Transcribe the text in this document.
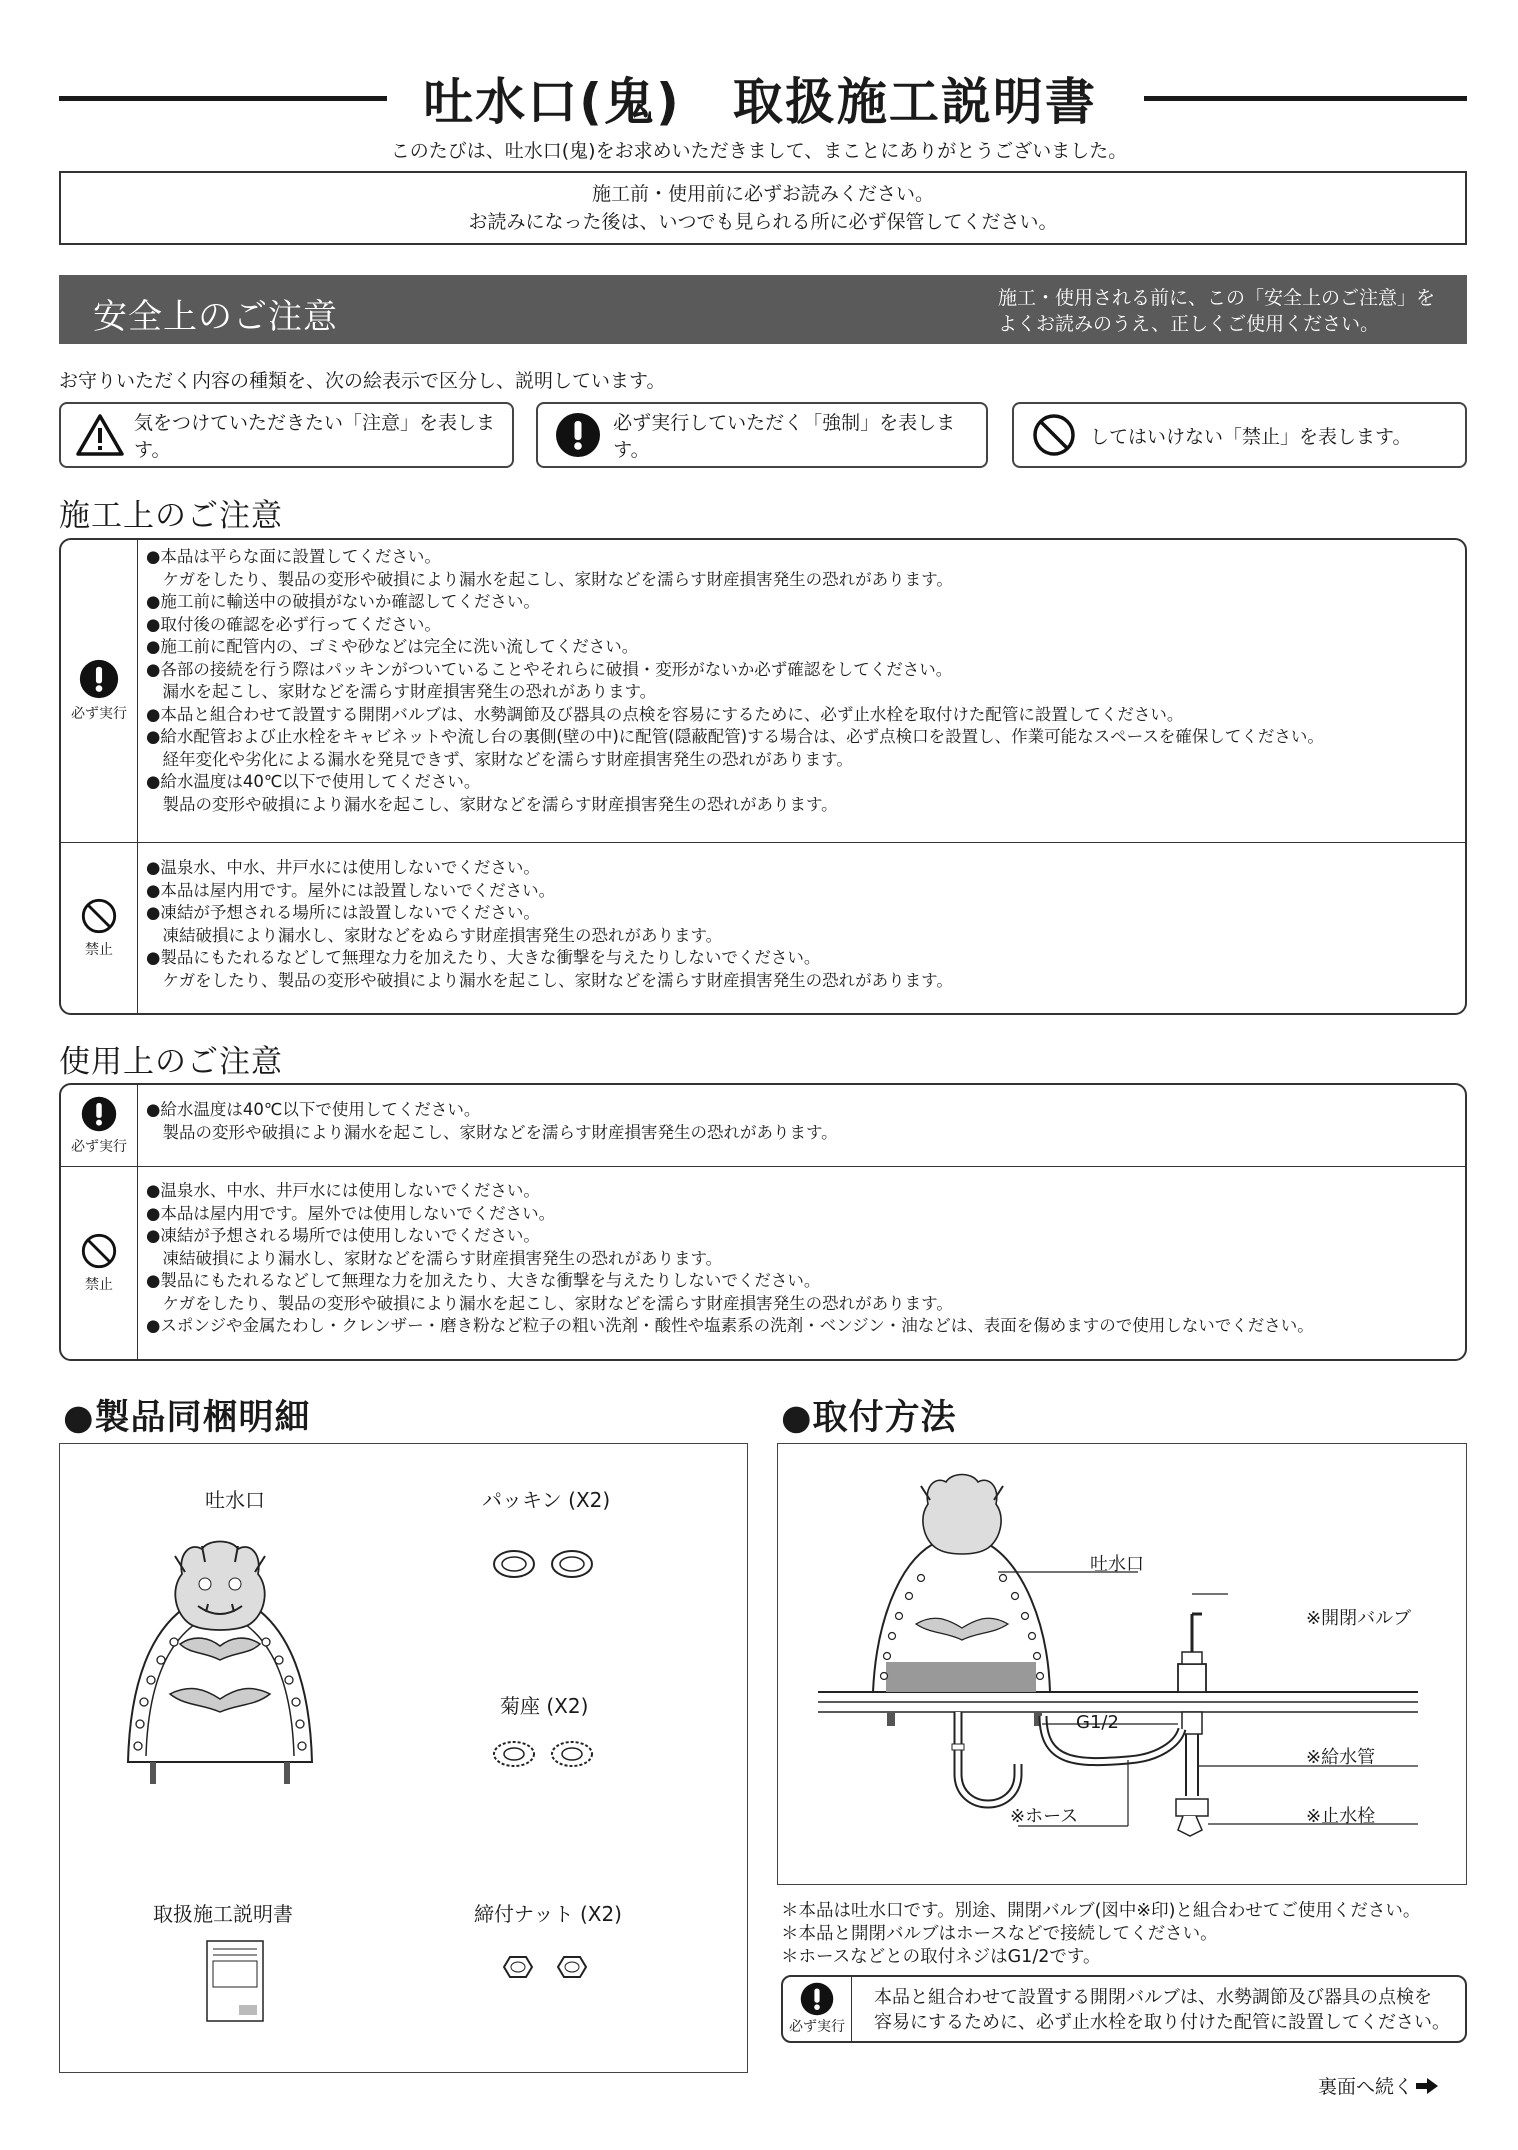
吐水口(鬼)　取扱施工説明書
このたびは、吐水口(鬼)をお求めいただきまして、まことにありがとうございました。
施工前・使用前に必ずお読みください。
お読みになった後は、いつでも見られる所に必ず保管してください。
安全上のご注意	施工・使用される前に、この「安全上のご注意」を
よくお読みのうえ、正しくご使用ください。
お守りいただく内容の種類を、次の絵表示で区分し、説明しています。
気をつけていただきたい「注意」を表します。
必ず実行していただく「強制」を表します。
してはいけない「禁止」を表します。
施工上のご注意
必ず実行
●本品は平らな面に設置してください。
　ケガをしたり、製品の変形や破損により漏水を起こし、家財などを濡らす財産損害発生の恐れがあります。
●施工前に輸送中の破損がないか確認してください。
●取付後の確認を必ず行ってください。
●施工前に配管内の、ゴミや砂などは完全に洗い流してください。
●各部の接続を行う際はパッキンがついていることやそれらに破損・変形がないか必ず確認をしてください。
　漏水を起こし、家財などを濡らす財産損害発生の恐れがあります。
●本品と組合わせて設置する開閉バルブは、水勢調節及び器具の点検を容易にするために、必ず止水栓を取付けた配管に設置してください。
●給水配管および止水栓をキャビネットや流し台の裏側(壁の中)に配管(隠蔽配管)する場合は、必ず点検口を設置し、作業可能なスペースを確保してください。
　経年変化や劣化による漏水を発見できず、家財などを濡らす財産損害発生の恐れがあります。
●給水温度は40℃以下で使用してください。
　製品の変形や破損により漏水を起こし、家財などを濡らす財産損害発生の恐れがあります。
禁止
●温泉水、中水、井戸水には使用しないでください。
●本品は屋内用です。屋外には設置しないでください。
●凍結が予想される場所には設置しないでください。
　凍結破損により漏水し、家財などをぬらす財産損害発生の恐れがあります。
●製品にもたれるなどして無理な力を加えたり、大きな衝撃を与えたりしないでください。
　ケガをしたり、製品の変形や破損により漏水を起こし、家財などを濡らす財産損害発生の恐れがあります。
使用上のご注意
必ず実行
●給水温度は40℃以下で使用してください。
　製品の変形や破損により漏水を起こし、家財などを濡らす財産損害発生の恐れがあります。
禁止
●温泉水、中水、井戸水には使用しないでください。
●本品は屋内用です。屋外では使用しないでください。
●凍結が予想される場所では使用しないでください。
　凍結破損により漏水し、家財などを濡らす財産損害発生の恐れがあります。
●製品にもたれるなどして無理な力を加えたり、大きな衝撃を与えたりしないでください。
　ケガをしたり、製品の変形や破損により漏水を起こし、家財などを濡らす財産損害発生の恐れがあります。
●スポンジや金属たわし・クレンザー・磨き粉など粒子の粗い洗剤・酸性や塩素系の洗剤・ベンジン・油などは、表面を傷めますので使用しないでください。
●製品同梱明細
吐水口	パッキン (X2)
菊座 (X2)
取扱施工説明書	締付ナット (X2)
●取付方法
吐水口
※開閉バルブ
G1/2
※給水管
※ホース	※止水栓
＊本品は吐水口です。別途、開閉バルブ(図中※印)と組合わせてご使用ください。
＊本品と開閉バルブはホースなどで接続してください。
＊ホースなどとの取付ネジはG1/2です。
必ず実行
本品と組合わせて設置する開閉バルブは、水勢調節及び器具の点検を
容易にするために、必ず止水栓を取り付けた配管に設置してください。
裏面へ続く
